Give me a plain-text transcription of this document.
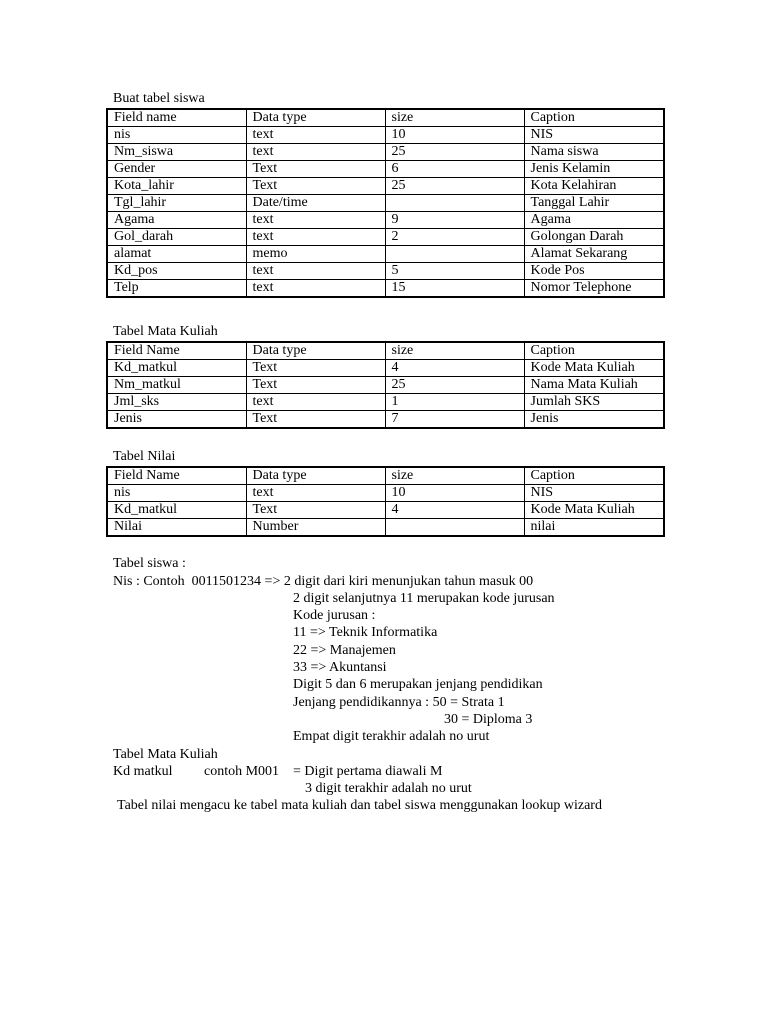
Buat tabel siswa
Field name	Data type	size	Caption
nis	text	10	NIS
Nm_siswa	text	25	Nama siswa
Gender	Text	6	Jenis Kelamin
Kota_lahir	Text	25	Kota Kelahiran
Tgl_lahir	Date/time		Tanggal Lahir
Agama	text	9	Agama
Gol_darah	text	2	Golongan Darah
alamat	memo		Alamat Sekarang
Kd_pos	text	5	Kode Pos
Telp	text	15	Nomor Telephone
Tabel Mata Kuliah
Field Name	Data type	size	Caption
Kd_matkul	Text	4	Kode Mata Kuliah
Nm_matkul	Text	25	Nama Mata Kuliah
Jml_sks	text	1	Jumlah SKS
Jenis	Text	7	Jenis
Tabel Nilai
Field Name	Data type	size	Caption
nis	text	10	NIS
Kd_matkul	Text	4	Kode Mata Kuliah
Nilai	Number		nilai
Tabel siswa :
Nis : Contoh  0011501234 => 2 digit dari kiri menunjukan tahun masuk 00
2 digit selanjutnya 11 merupakan kode jurusan
Kode jurusan :
11 => Teknik Informatika
22 => Manajemen
33 => Akuntansi
Digit 5 dan 6 merupakan jenjang pendidikan
Jenjang pendidikannya : 50 = Strata 1
30 = Diploma 3
Empat digit terakhir adalah no urut
Tabel Mata Kuliah
Kd matkul contoh M001 = Digit pertama diawali M
3 digit terakhir adalah no urut
Tabel nilai mengacu ke tabel mata kuliah dan tabel siswa menggunakan lookup wizard
